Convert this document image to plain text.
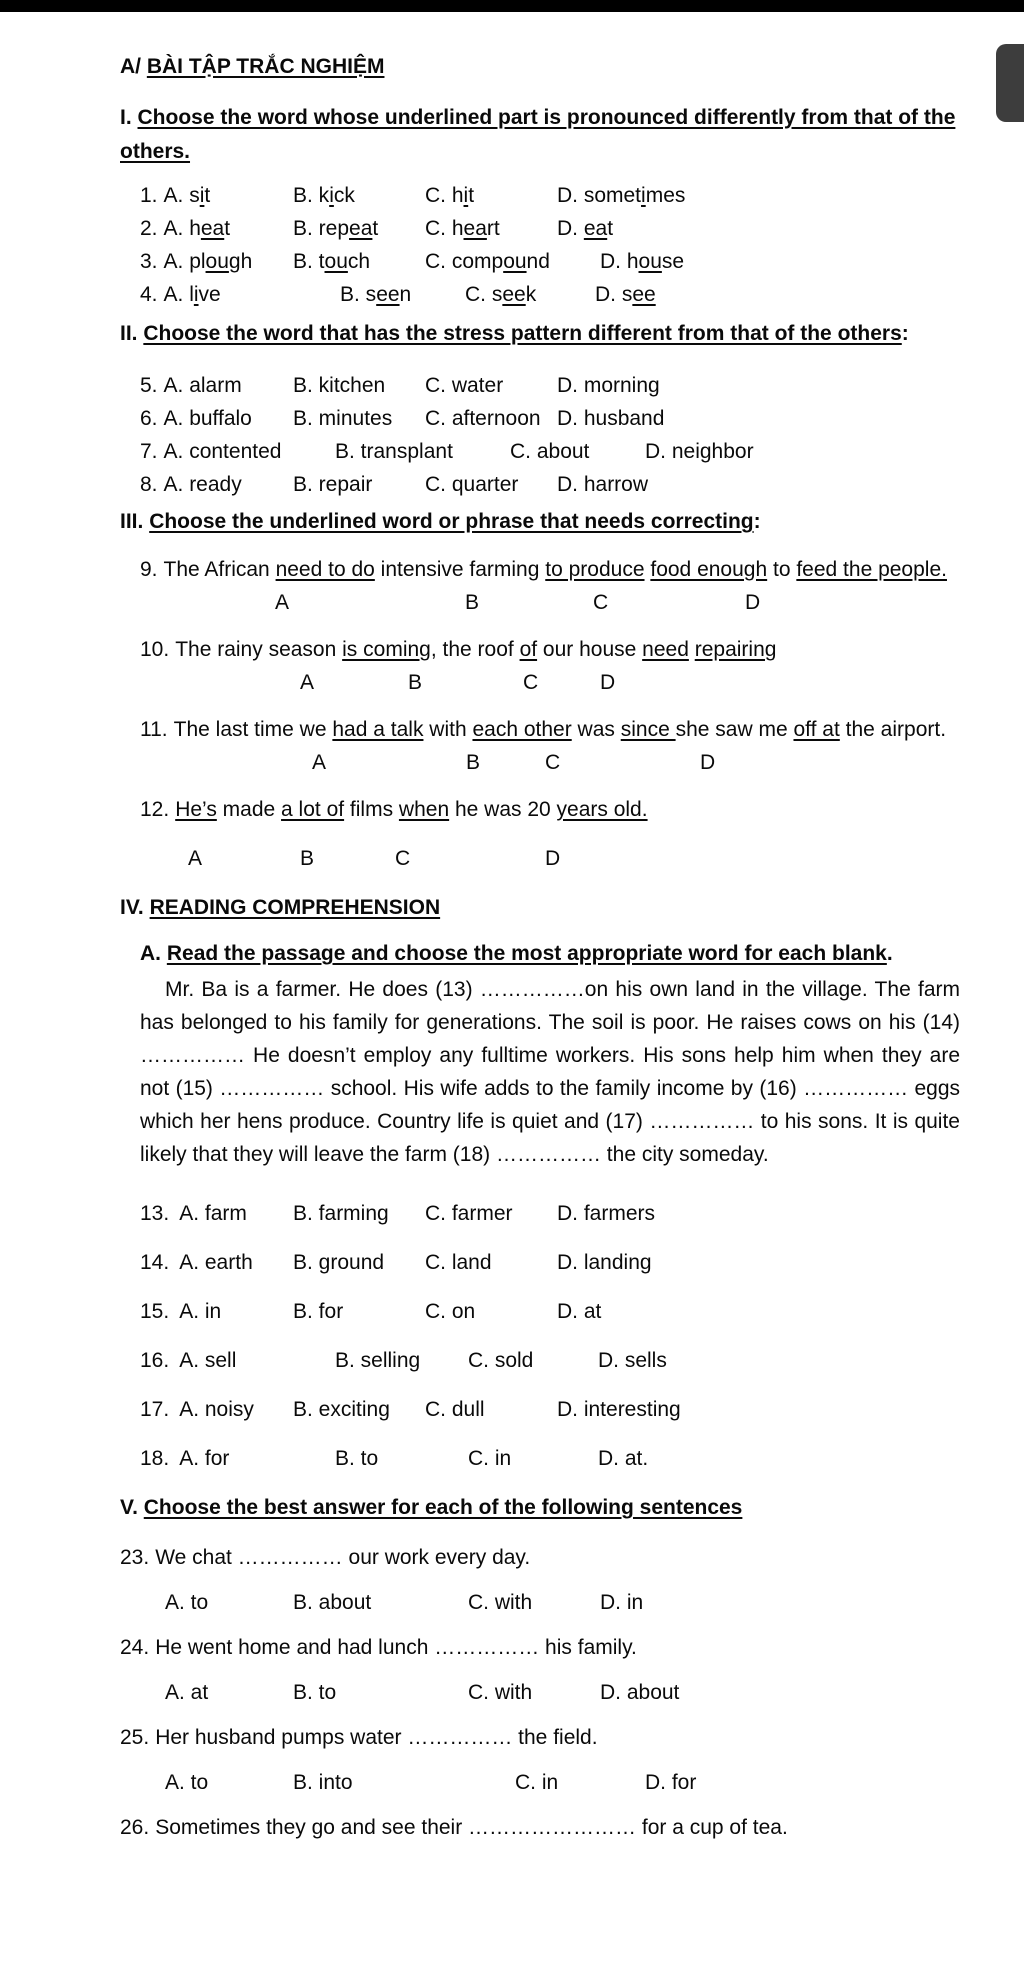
A/ BÀI TẬP TRẮC NGHIỆM
I. Choose the word whose underlined part is pronounced differently from that of the others.
1. A. sit	B. kick	C. hit	D. sometimes
2. A. heat	B. repeat	C. heart	D. eat
3. A. plough	B. touch	C. compound	D. house
4. A. live	B. seen	C. seek	D. see
II. Choose the word that has the stress pattern different from that of the others:
5. A. alarm	B. kitchen	C. water	D. morning
6. A. buffalo	B. minutes	C. afternoon D. husband
7. A. contented	B. transplant	C. about	D. neighbor
8. A. ready	B. repair	C. quarter	D. harrow
III. Choose the underlined word or phrase that needs correcting:
9. The African need to do intensive farming to produce food enough to feed the people.
A	B	C	D
10. The rainy season is coming, the roof of our house need repairing
A	B	C	D
11. The last time we had a talk with each other was since she saw me off at the airport.
A	B	C	D
12. He’s made a lot of films when he was 20 years old.
A	B	C	D
IV. READING COMPREHENSION
A. Read the passage and choose the most appropriate word for each blank.

Mr. Ba is a farmer. He does (13) ……………on his own land in the village. The farm has belonged to his family for generations. The soil is poor. He raises cows on his (14) …………… He doesn’t employ any fulltime workers. His sons help him when they are not (15) …………… school. His wife adds to the family income by (16) …………… eggs which her hens produce. Country life is quiet and (17) …………… to his sons. It is quite likely that they will leave the farm (18) …………… the city someday.

13. A. farm	B. farming	C. farmer	D. farmers
14. A. earth	B. ground	C. land	D. landing
15. A. in	B. for	C. on	D. at
16. A. sell	B. selling	C. sold	D. sells
17. A. noisy	B. exciting	C. dull	D. interesting
18. A. for	B. to	C. in	D. at.
V. Choose the best answer for each of the following sentences
23. We chat …………… our work every day.
A. to	B. about	C. with	D. in
24. He went home and had lunch …………… his family.
A. at	B. to	C. with	D. about
25. Her husband pumps water …………… the field.
A. to	B. into	C. in	D. for
26. Sometimes they go and see their …………………… for a cup of tea.
